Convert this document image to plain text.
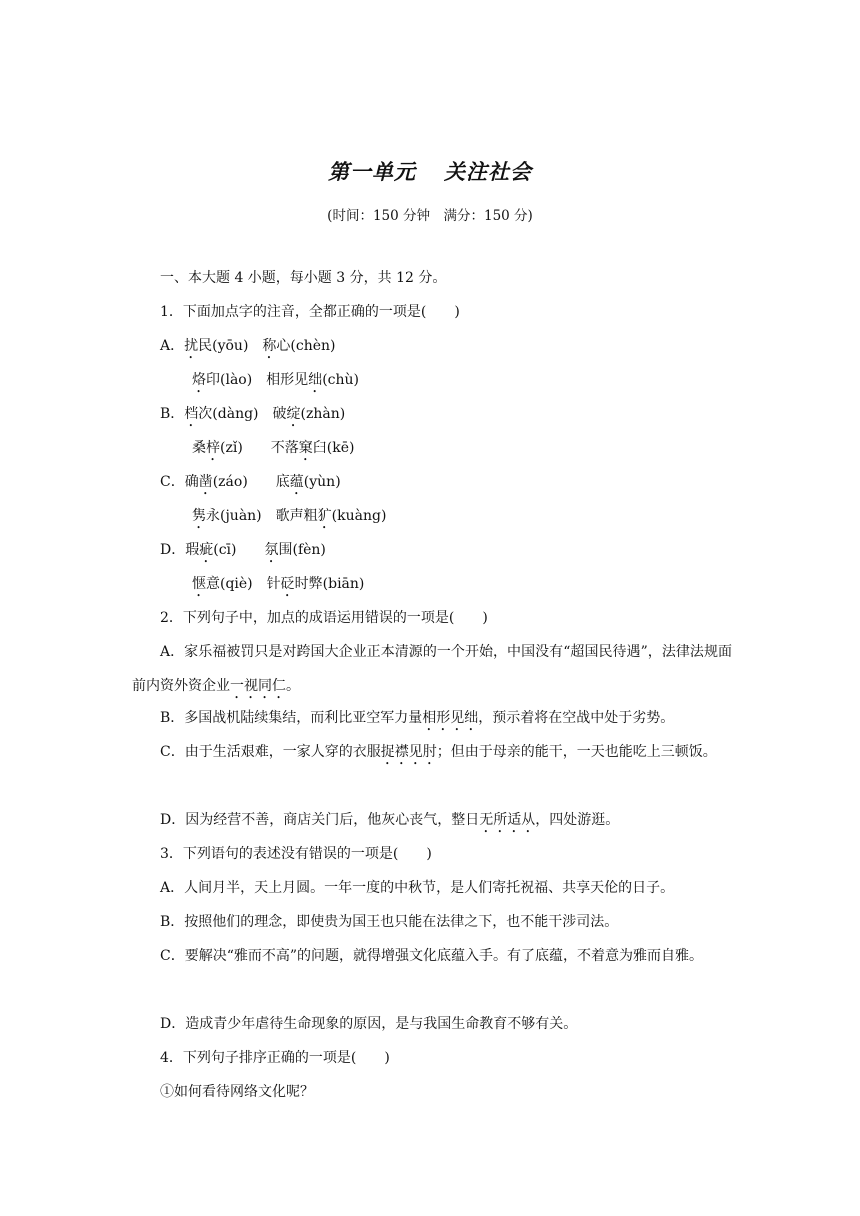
第一单元 关注社会
(时间：150 分钟　满分：150 分)
一、本大题 4 小题，每小题 3 分，共 12 分。
1．下面加点字的注音，全都正确的一项是(　　)
A．扰民(yōu)　称心(chèn)
烙印(lào)　相形见绌(chù)
B．档次(dàng)　破绽(zhàn)
桑梓(zǐ)　　不落窠臼(kē)
C．确凿(záo)　　底蕴(yùn)
隽永(juàn)　歌声粗犷(kuàng)
D．瑕疵(cī)　　氛围(fèn)
惬意(qiè)　针砭时弊(biān)
2．下列句子中，加点的成语运用错误的一项是(　　)
A．家乐福被罚只是对跨国大企业正本清源的一个开始，中国没有“超国民待遇”，法律法规面前内资外资企业一视同仁。
B．多国战机陆续集结，而利比亚空军力量相形见绌，预示着将在空战中处于劣势。
C．由于生活艰难，一家人穿的衣服捉襟见肘；但由于母亲的能干，一天也能吃上三顿饭。
D．因为经营不善，商店关门后，他灰心丧气，整日无所适从，四处游逛。
3．下列语句的表述没有错误的一项是(　　)
A．人间月半，天上月圆。一年一度的中秋节，是人们寄托祝福、共享天伦的日子。
B．按照他们的理念，即使贵为国王也只能在法律之下，也不能干涉司法。
C．要解决“雅而不高”的问题，就得增强文化底蕴入手。有了底蕴，不着意为雅而自雅。
D．造成青少年虐待生命现象的原因，是与我国生命教育不够有关。
4．下列句子排序正确的一项是(　　)
①如何看待网络文化呢？
